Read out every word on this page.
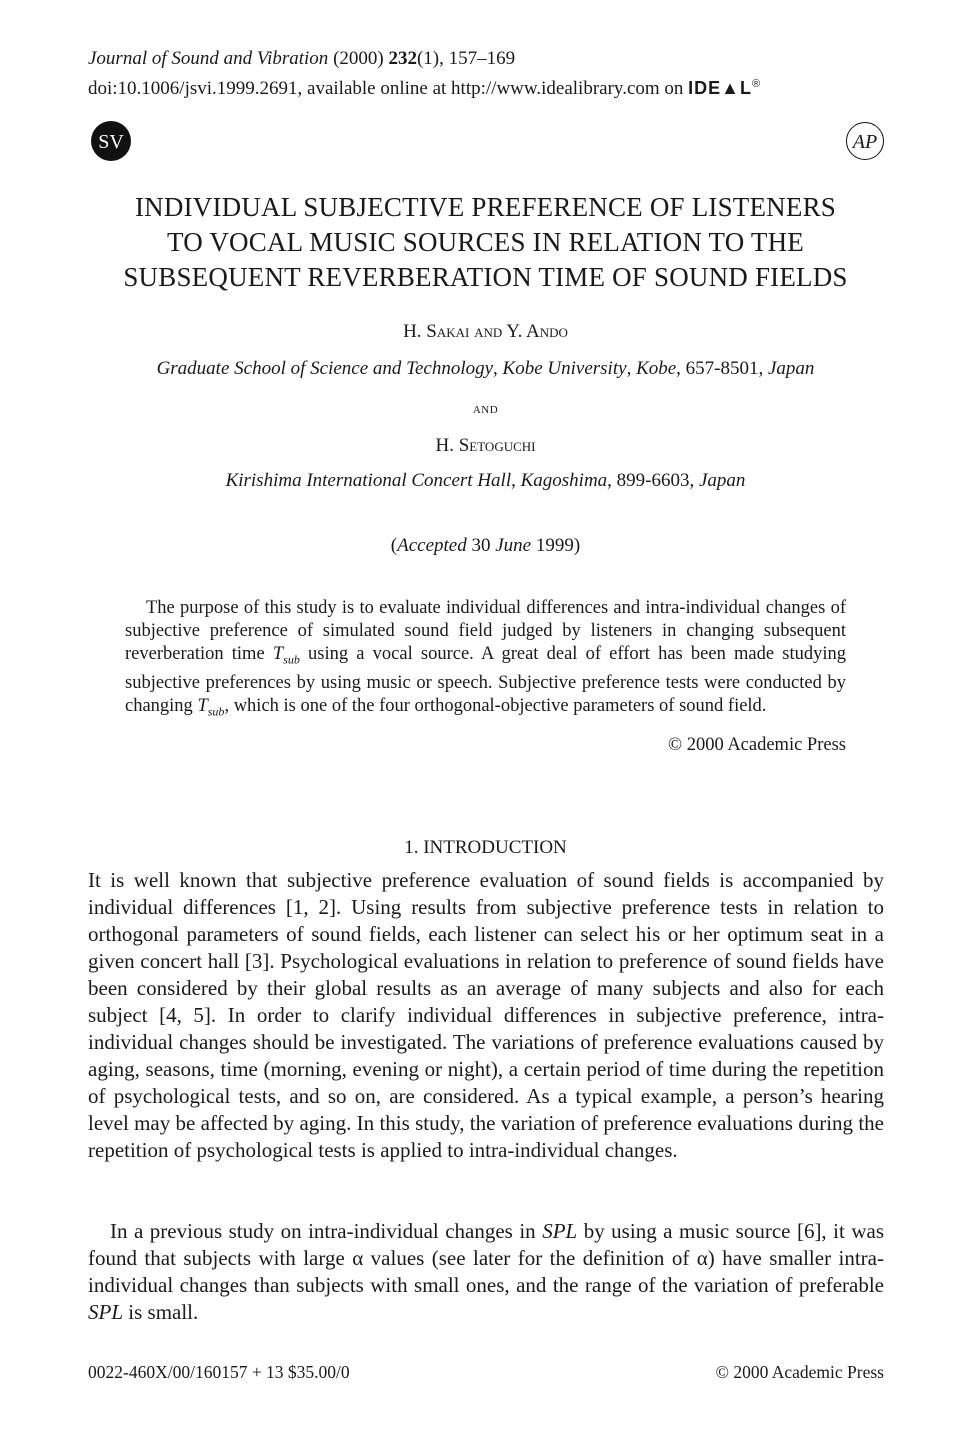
Journal of Sound and Vibration (2000) 232(1), 157–169
doi:10.1006/jsvi.1999.2691, available online at http://www.idealibrary.com on IDE▲L®
SV	AP
INDIVIDUAL SUBJECTIVE PREFERENCE OF LISTENERS
TO VOCAL MUSIC SOURCES IN RELATION TO THE
SUBSEQUENT REVERBERATION TIME OF SOUND FIELDS
H. Sakai and Y. Ando
Graduate School of Science and Technology, Kobe University, Kobe, 657-8501, Japan
and
H. Setoguchi
Kirishima International Concert Hall, Kagoshima, 899-6603, Japan
(Accepted 30 June 1999)

The purpose of this study is to evaluate individual differences and intra-individual changes of subjective preference of simulated sound field judged by listeners in changing subsequent reverberation time $T_{sub}$ using a vocal source. A great deal of effort has been made studying subjective preferences by using music or speech. Subjective preference tests were conducted by changing $T_{sub}$, which is one of the four orthogonal-objective parameters of sound field.

© 2000 Academic Press
1. INTRODUCTION

It is well known that subjective preference evaluation of sound fields is accompanied by individual differences [1, 2]. Using results from subjective preference tests in relation to orthogonal parameters of sound fields, each listener can select his or her optimum seat in a given concert hall [3]. Psychological evaluations in relation to preference of sound fields have been considered by their global results as an average of many subjects and also for each subject [4, 5]. In order to clarify individual differences in subjective preference, intra-individual changes should be investigated. The variations of preference evaluations caused by aging, seasons, time (morning, evening or night), a certain period of time during the repetition of psychological tests, and so on, are considered. As a typical example, a person’s hearing level may be affected by aging. In this study, the variation of preference evaluations during the repetition of psychological tests is applied to intra-individual changes.

In a previous study on intra-individual changes in SPL by using a music source [6], it was found that subjects with large α values (see later for the definition of α) have smaller intra-individual changes than subjects with small ones, and the range of the variation of preferable SPL is small.

0022-460X/00/160157 + 13 $35.00/0	© 2000 Academic Press
